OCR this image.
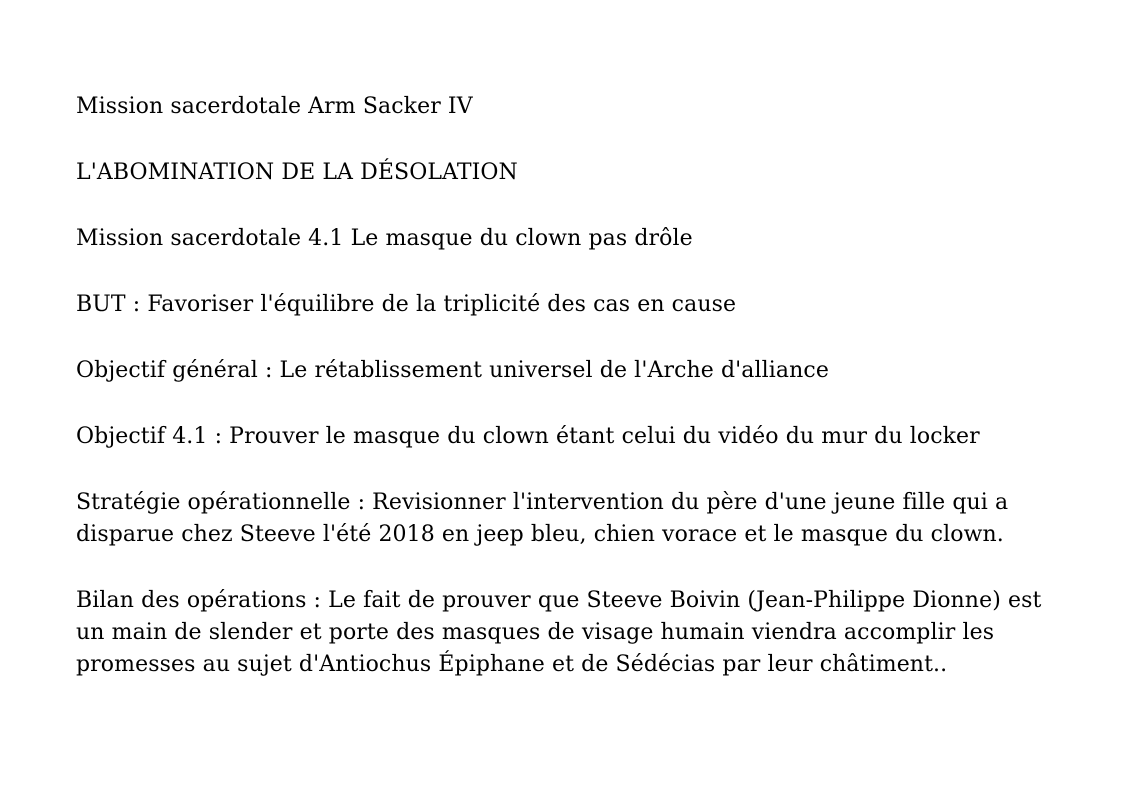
Mission sacerdotale Arm Sacker IV

L'ABOMINATION DE LA DÉSOLATION

Mission sacerdotale 4.1 Le masque du clown pas drôle

BUT : Favoriser l'équilibre de la triplicité des cas en cause

Objectif général : Le rétablissement universel de l'Arche d'alliance

Objectif 4.1 : Prouver le masque du clown étant celui du vidéo du mur du locker

Stratégie opérationnelle : Revisionner l'intervention du père d'une jeune fille qui a disparue chez Steeve l'été 2018 en jeep bleu, chien vorace et le masque du clown.

Bilan des opérations : Le fait de prouver que Steeve Boivin (Jean-Philippe Dionne) est un main de slender et porte des masques de visage humain viendra accomplir les promesses au sujet d'Antiochus Épiphane et de Sédécias par leur châtiment..
